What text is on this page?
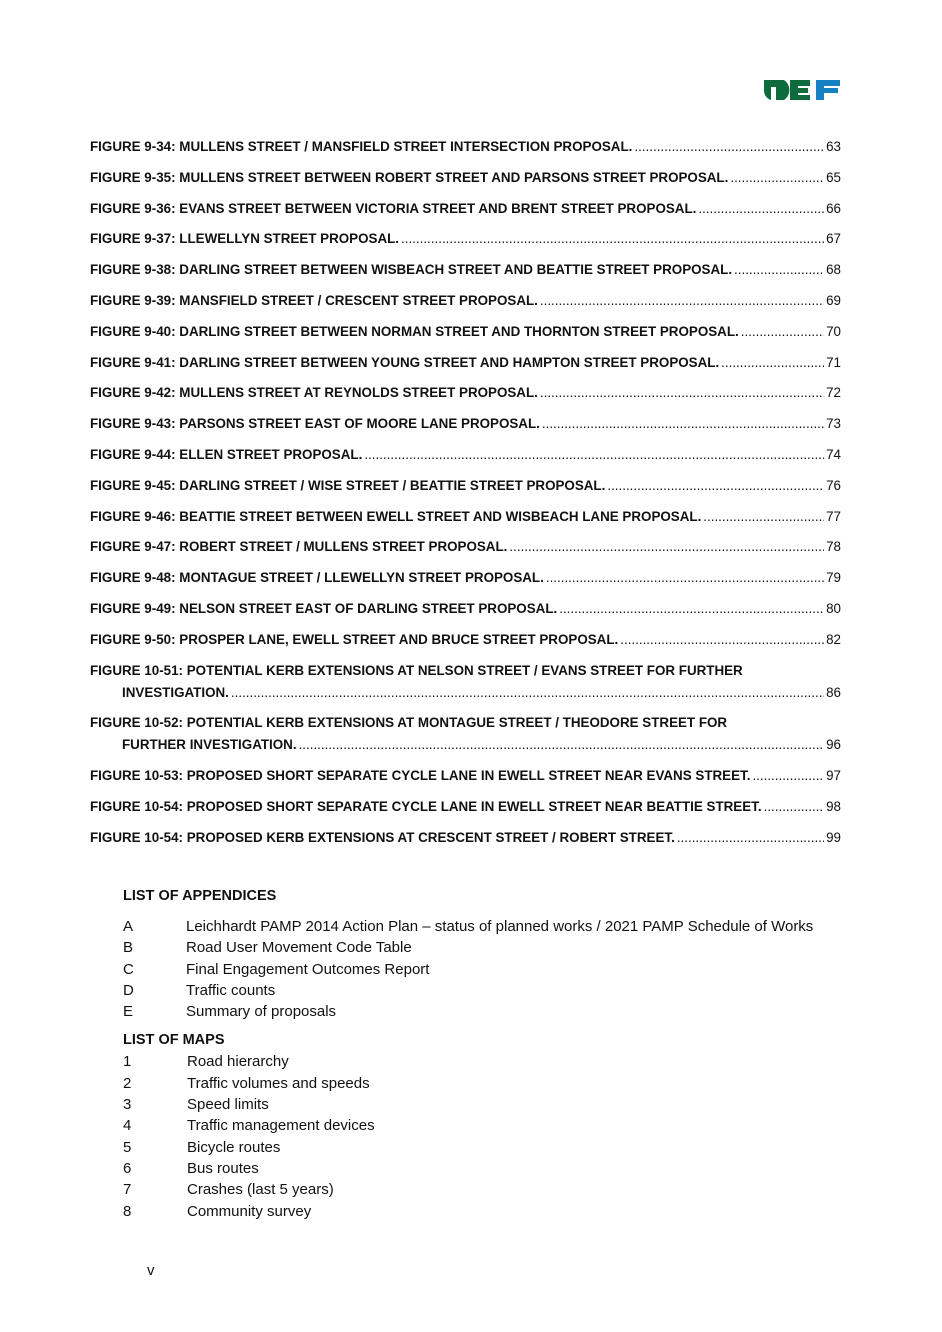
FIGURE 9-34: MULLENS STREET / MANSFIELD STREET INTERSECTION PROPOSAL. .....	63
FIGURE 9-35: MULLENS STREET BETWEEN ROBERT STREET AND PARSONS STREET PROPOSAL. .....	65
FIGURE 9-36: EVANS STREET BETWEEN VICTORIA STREET AND BRENT STREET PROPOSAL. .....	66
FIGURE 9-37: LLEWELLYN STREET PROPOSAL. .....	67
FIGURE 9-38: DARLING STREET BETWEEN WISBEACH STREET AND BEATTIE STREET PROPOSAL. .....	68
FIGURE 9-39: MANSFIELD STREET / CRESCENT STREET PROPOSAL. .....	69
FIGURE 9-40: DARLING STREET BETWEEN NORMAN STREET AND THORNTON STREET PROPOSAL. .....	70
FIGURE 9-41: DARLING STREET BETWEEN YOUNG STREET AND HAMPTON STREET PROPOSAL. .....	71
FIGURE 9-42: MULLENS STREET AT REYNOLDS STREET PROPOSAL. .....	72
FIGURE 9-43: PARSONS STREET EAST OF MOORE LANE PROPOSAL. .....	73
FIGURE 9-44: ELLEN STREET PROPOSAL. .....	74
FIGURE 9-45: DARLING STREET / WISE STREET / BEATTIE STREET PROPOSAL. .....	76
FIGURE 9-46: BEATTIE STREET BETWEEN EWELL STREET AND WISBEACH LANE PROPOSAL. .....	77
FIGURE 9-47: ROBERT STREET / MULLENS STREET PROPOSAL. .....	78
FIGURE 9-48: MONTAGUE STREET / LLEWELLYN STREET PROPOSAL. .....	79
FIGURE 9-49: NELSON STREET EAST OF DARLING STREET PROPOSAL. .....	80
FIGURE 9-50: PROSPER LANE, EWELL STREET AND BRUCE STREET PROPOSAL. .....	82
FIGURE 10-51: POTENTIAL KERB EXTENSIONS AT NELSON STREET / EVANS STREET FOR FURTHER
INVESTIGATION. .....	86
FIGURE 10-52: POTENTIAL KERB EXTENSIONS AT MONTAGUE STREET / THEODORE STREET FOR
FURTHER INVESTIGATION. .....	96
FIGURE 10-53: PROPOSED SHORT SEPARATE CYCLE LANE IN EWELL STREET NEAR EVANS STREET. .....	97
FIGURE 10-54: PROPOSED SHORT SEPARATE CYCLE LANE IN EWELL STREET NEAR BEATTIE STREET. .....	98
FIGURE 10-54: PROPOSED KERB EXTENSIONS AT CRESCENT STREET / ROBERT STREET. .....	99
LIST OF APPENDICES
A	Leichhardt PAMP 2014 Action Plan – status of planned works / 2021 PAMP Schedule of Works
B	Road User Movement Code Table
C	Final Engagement Outcomes Report
D	Traffic counts
E	Summary of proposals
LIST OF MAPS
1	Road hierarchy
2	Traffic volumes and speeds
3	Speed limits
4	Traffic management devices
5	Bicycle routes
6	Bus routes
7	Crashes (last 5 years)
8	Community survey
v
